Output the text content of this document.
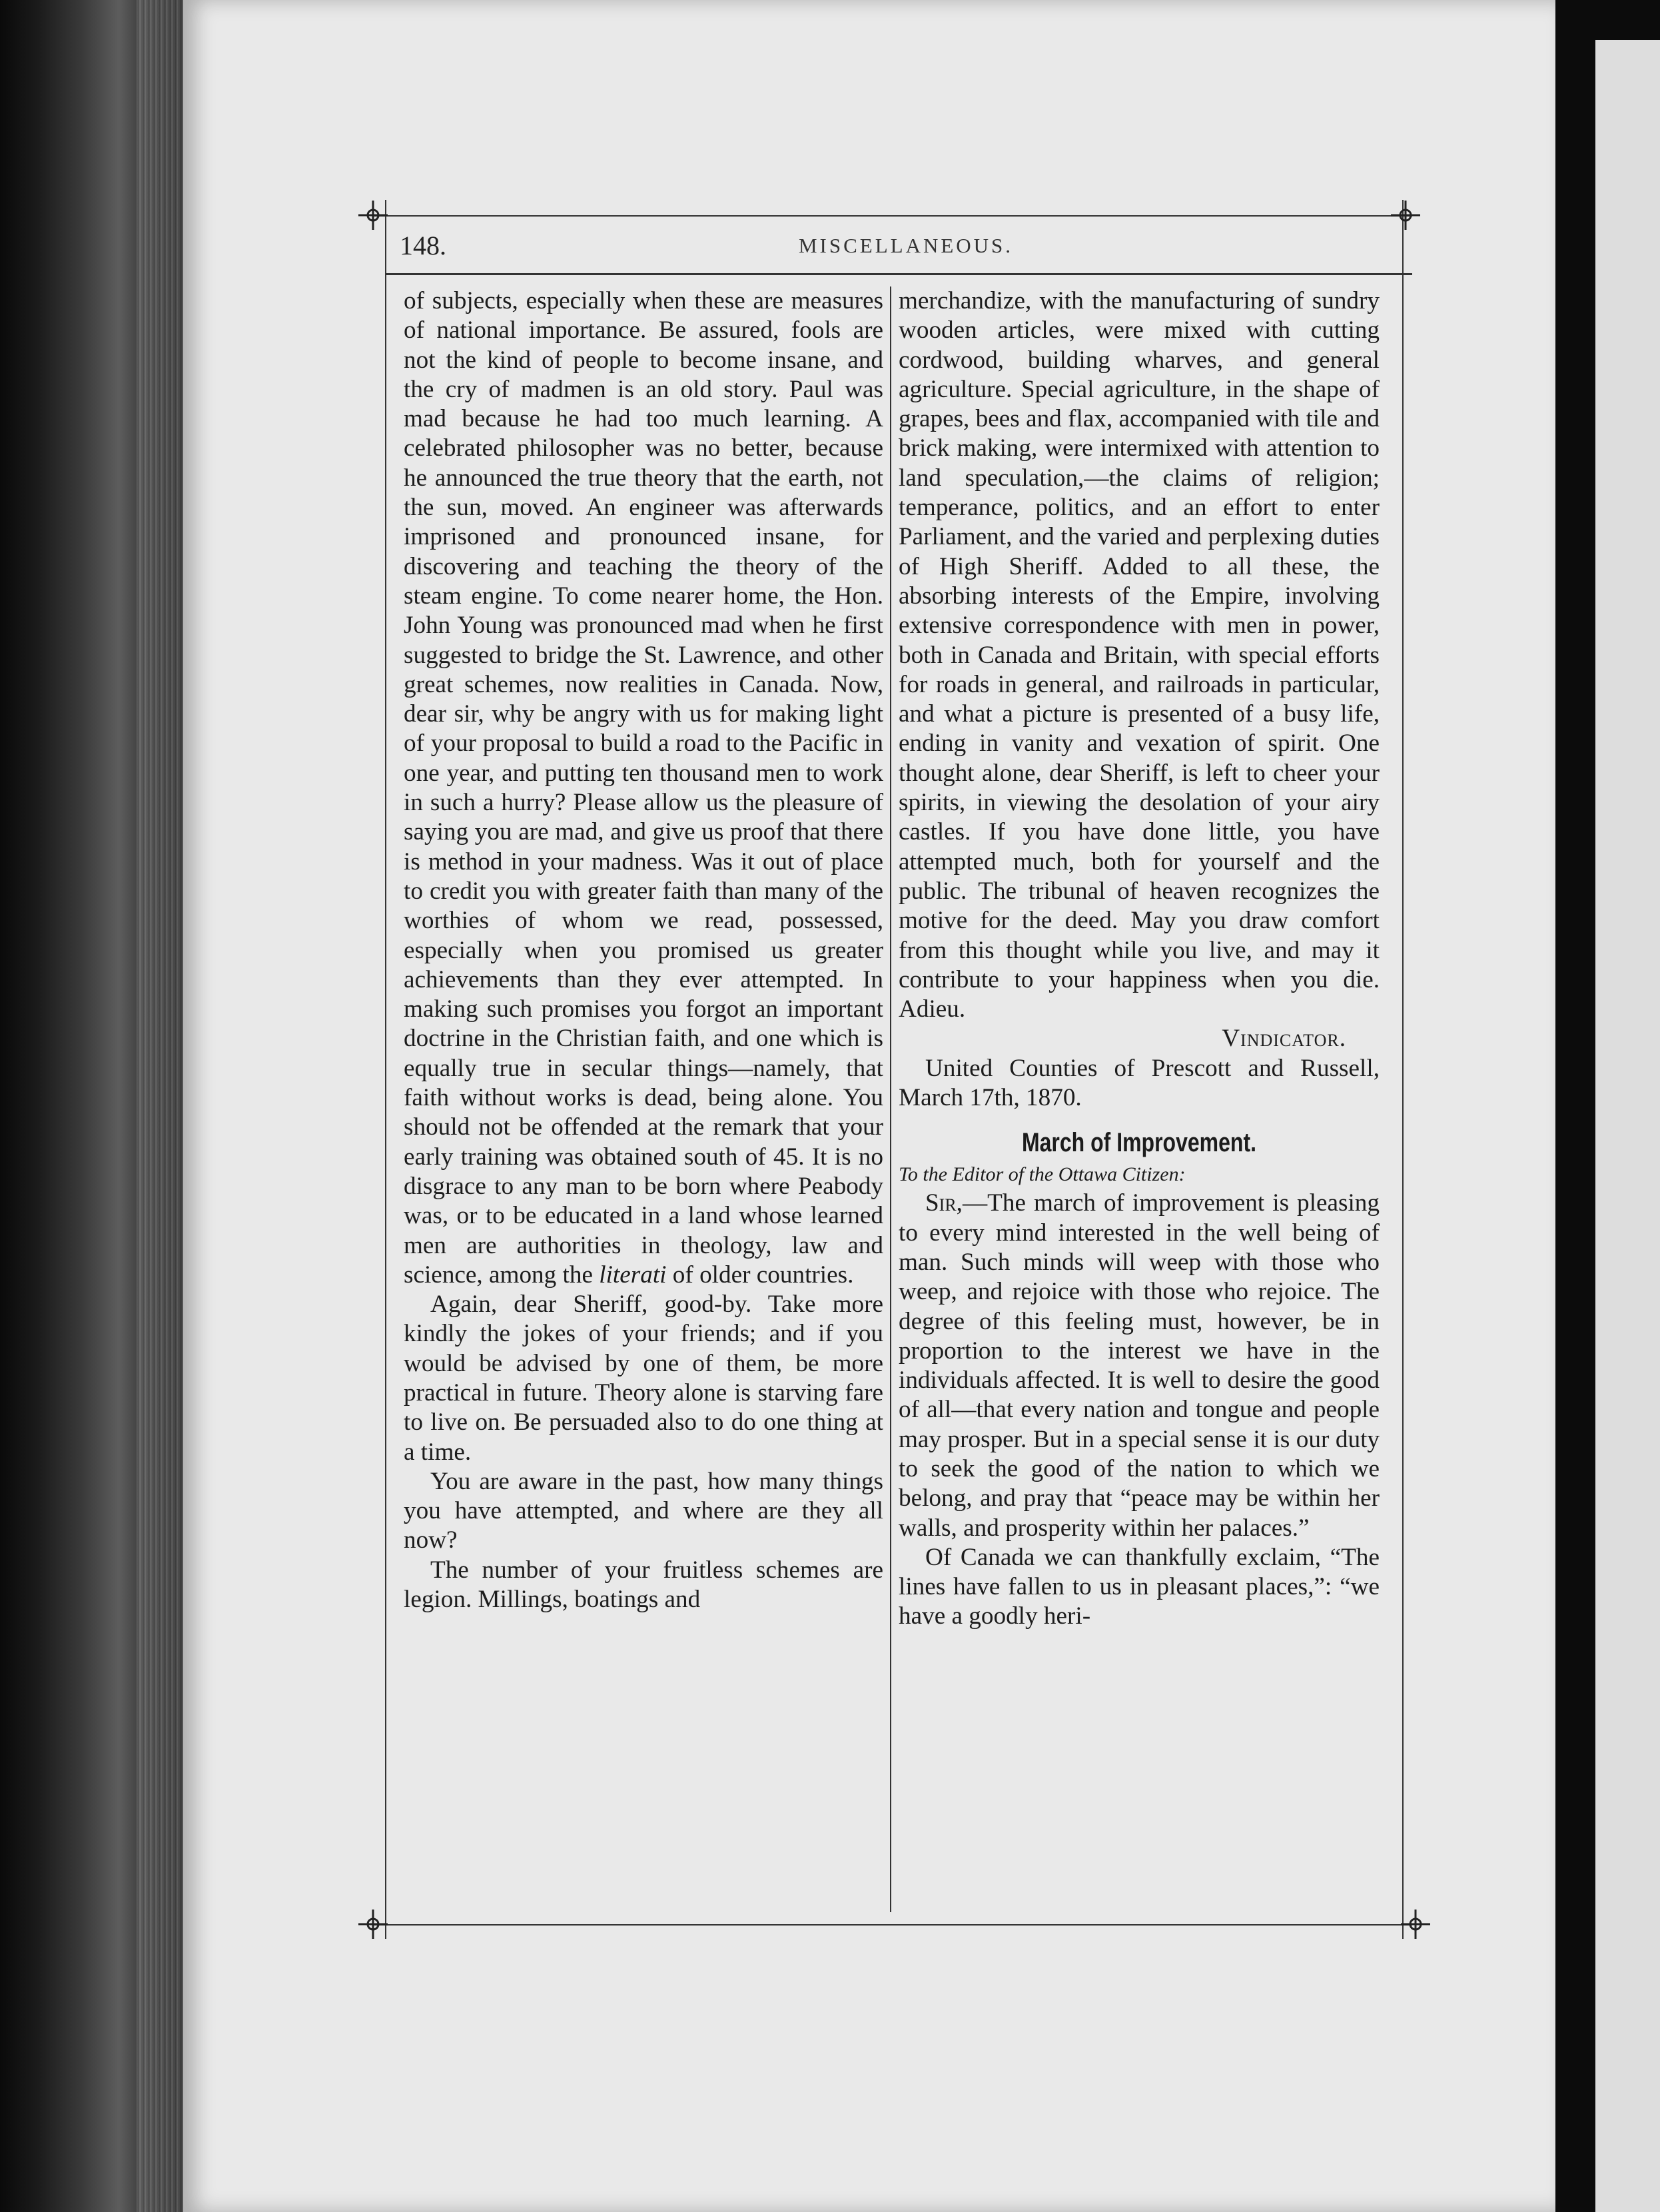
148.	MISCELLANEOUS.

of subjects, especially when these are measures of national importance. Be assured, fools are not the kind of people to become insane, and the cry of madmen is an old story. Paul was mad because he had too much learning. A celebrated philosopher was no better, because he announced the true theory that the earth, not the sun, moved. An engineer was afterwards imprisoned and pronounced insane, for discovering and teaching the theory of the steam engine. To come nearer home, the Hon. John Young was pronounced mad when he first suggested to bridge the St. Lawrence, and other great schemes, now realities in Canada. Now, dear sir, why be angry with us for making light of your proposal to build a road to the Pacific in one year, and putting ten thousand men to work in such a hurry? Please allow us the pleasure of saying you are mad, and give us proof that there is method in your madness. Was it out of place to credit you with greater faith than many of the worthies of whom we read, possessed, especially when you promised us greater achievements than they ever attempted. In making such promises you forgot an important doctrine in the Christian faith, and one which is equally true in secular things—namely, that faith without works is dead, being alone. You should not be offended at the remark that your early training was obtained south of 45. It is no disgrace to any man to be born where Peabody was, or to be educated in a land whose learned men are authorities in theology, law and science, among the literati of older countries.

Again, dear Sheriff, good-by. Take more kindly the jokes of your friends; and if you would be advised by one of them, be more practical in future. Theory alone is starving fare to live on. Be persuaded also to do one thing at a time.

You are aware in the past, how many things you have attempted, and where are they all now?

The number of your fruitless schemes are legion. Millings, boatings and

merchandize, with the manufacturing of sundry wooden articles, were mixed with cutting cordwood, building wharves, and general agriculture. Special agriculture, in the shape of grapes, bees and flax, accompanied with tile and brick making, were intermixed with attention to land speculation,—the claims of religion; temperance, politics, and an effort to enter Parliament, and the varied and perplexing duties of High Sheriff. Added to all these, the absorbing interests of the Empire, involving extensive correspondence with men in power, both in Canada and Britain, with special efforts for roads in general, and railroads in particular, and what a picture is presented of a busy life, ending in vanity and vexation of spirit. One thought alone, dear Sheriff, is left to cheer your spirits, in viewing the desolation of your airy castles. If you have done little, you have attempted much, both for yourself and the public. The tribunal of heaven recognizes the motive for the deed. May you draw comfort from this thought while you live, and may it contribute to your happiness when you die. Adieu.

Vindicator.

United Counties of Prescott and Russell, March 17th, 1870.

March of Improvement.

To the Editor of the Ottawa Citizen:

Sir,—The march of improvement is pleasing to every mind interested in the well being of man. Such minds will weep with those who weep, and rejoice with those who rejoice. The degree of this feeling must, however, be in proportion to the interest we have in the individuals affected. It is well to desire the good of all—that every nation and tongue and people may prosper. But in a special sense it is our duty to seek the good of the nation to which we belong, and pray that “peace may be within her walls, and prosperity within her palaces.”

Of Canada we can thankfully exclaim, “The lines have fallen to us in pleasant places,”: “we have a goodly heri-
